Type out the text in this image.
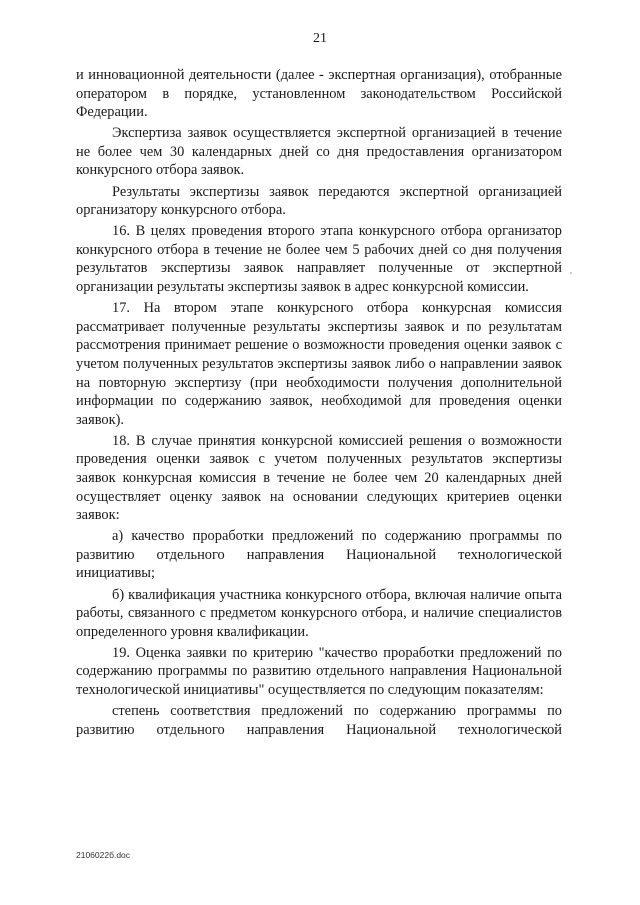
21

и инновационной деятельности (далее - экспертная организация), отобранные оператором в порядке, установленном законодательством Российской Федерации.

Экспертиза заявок осуществляется экспертной организацией в течение не более чем 30 календарных дней со дня предоставления организатором конкурсного отбора заявок.

Результаты экспертизы заявок передаются экспертной организацией организатору конкурсного отбора.

16. В целях проведения второго этапа конкурсного отбора организатор конкурсного отбора в течение не более чем 5 рабочих дней со дня получения результатов экспертизы заявок направляет полученные от экспертной организации результаты экспертизы заявок в адрес конкурсной комиссии.

17. На втором этапе конкурсного отбора конкурсная комиссия рассматривает полученные результаты экспертизы заявок и по результатам рассмотрения принимает решение о возможности проведения оценки заявок с учетом полученных результатов экспертизы заявок либо о направлении заявок на повторную экспертизу (при необходимости получения дополнительной информации по содержанию заявок, необходимой для проведения оценки заявок).

18. В случае принятия конкурсной комиссией решения о возможности проведения оценки заявок с учетом полученных результатов экспертизы заявок конкурсная комиссия в течение не более чем 20 календарных дней осуществляет оценку заявок на основании следующих критериев оценки заявок:

а) качество проработки предложений по содержанию программы по развитию отдельного направления Национальной технологической инициативы;

б) квалификация участника конкурсного отбора, включая наличие опыта работы, связанного с предметом конкурсного отбора, и наличие специалистов определенного уровня квалификации.

19. Оценка заявки по критерию "качество проработки предложений по содержанию программы по развитию отдельного направления Национальной технологической инициативы" осуществляется по следующим показателям:

степень соответствия предложений по содержанию программы по развитию отдельного направления Национальной технологической

2106022б.doc
